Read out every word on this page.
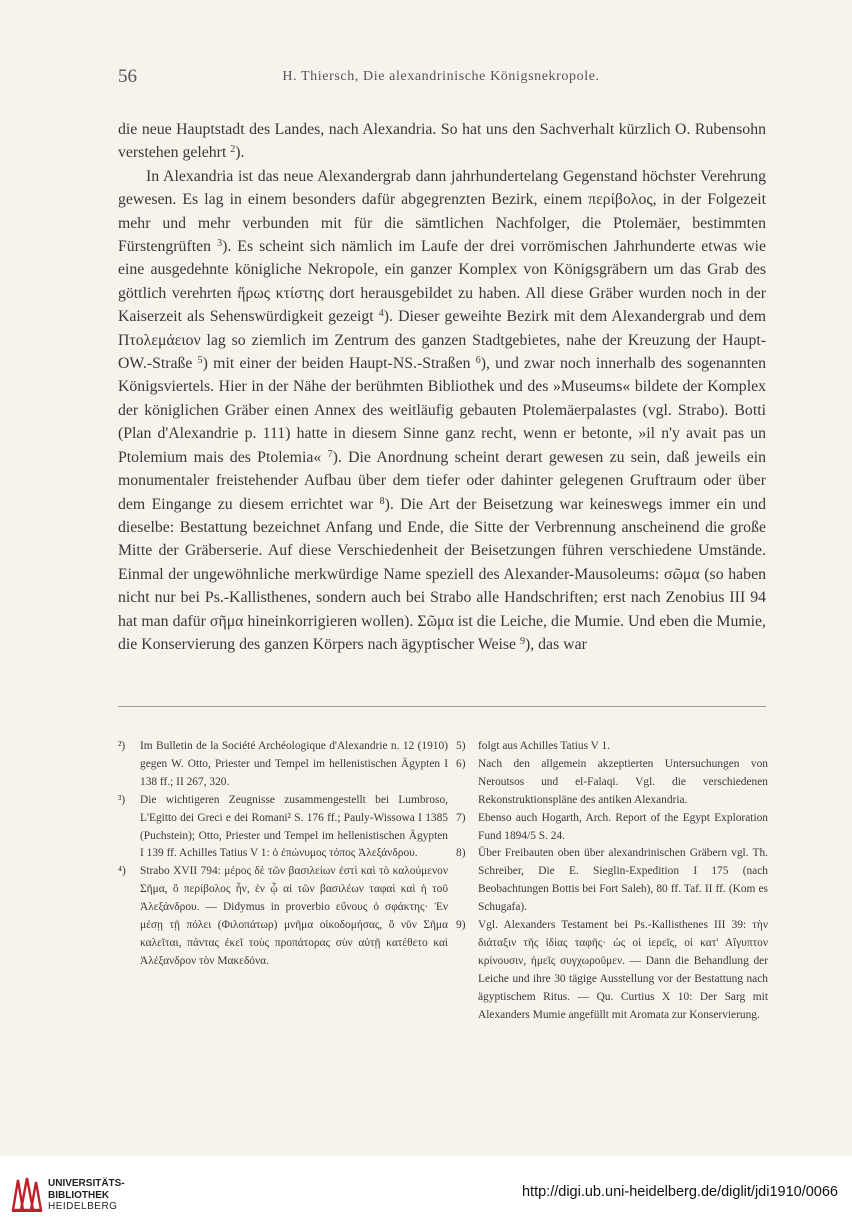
56	H. Thiersch, Die alexandrinische Königsnekropole.

die neue Hauptstadt des Landes, nach Alexandria. So hat uns den Sachverhalt kürzlich O. Rubensohn verstehen gelehrt $^2$).

In Alexandria ist das neue Alexandergrab dann jahrhundertelang Gegenstand höchster Verehrung gewesen. Es lag in einem besonders dafür abgegrenzten Bezirk, einem περίβολος, in der Folgezeit mehr und mehr verbunden mit für die sämtlichen Nachfolger, die Ptolemäer, bestimmten Fürstengrüften $^3$). Es scheint sich nämlich im Laufe der drei vorrömischen Jahrhunderte etwas wie eine ausgedehnte königliche Nekropole, ein ganzer Komplex von Königsgräbern um das Grab des göttlich verehrten ἥρως κτίστης dort herausgebildet zu haben. All diese Gräber wurden noch in der Kaiserzeit als Sehenswürdigkeit gezeigt $^4$). Dieser geweihte Bezirk mit dem Alexandergrab und dem Πτολεμάειον lag so ziemlich im Zentrum des ganzen Stadtgebietes, nahe der Kreuzung der Haupt-OW.-Straße $^5$) mit einer der beiden Haupt-NS.-Straßen $^6$), und zwar noch innerhalb des sogenannten Königsviertels. Hier in der Nähe der berühmten Bibliothek und des »Museums« bildete der Komplex der königlichen Gräber einen Annex des weitläufig gebauten Ptolemäerpalastes (vgl. Strabo). Botti (Plan d'Alexandrie p. 111) hatte in diesem Sinne ganz recht, wenn er betonte, »il n'y avait pas un Ptolemium mais des Ptolemia« $^7$). Die Anordnung scheint derart gewesen zu sein, daß jeweils ein monumentaler freistehender Aufbau über dem tiefer oder dahinter gelegenen Gruftraum oder über dem Eingange zu diesem errichtet war $^8$). Die Art der Beisetzung war keineswegs immer ein und dieselbe: Bestattung bezeichnet Anfang und Ende, die Sitte der Verbrennung anscheinend die große Mitte der Gräberserie. Auf diese Verschiedenheit der Beisetzungen führen verschiedene Umstände. Einmal der ungewöhnliche merkwürdige Name speziell des Alexander-Mausoleums: σῶμα (so haben nicht nur bei Ps.-Kallisthenes, sondern auch bei Strabo alle Handschriften; erst nach Zenobius III 94 hat man dafür σῆμα hineinkorrigieren wollen). Σῶμα ist die Leiche, die Mumie. Und eben die Mumie, die Konservierung des ganzen Körpers nach ägyptischer Weise $^9$), das war

²) Im Bulletin de la Société Archéologique d'Alexandrie n. 12 (1910) gegen W. Otto, Priester und Tempel im hellenistischen Ägypten I 138 ff.; II 267, 320.
³) Die wichtigeren Zeugnisse zusammengestellt bei Lumbroso, L'Egitto dei Greci e dei Romani² S. 176 ff.; Pauly-Wissowa I 1385 (Puchstein); Otto, Priester und Tempel im hellenistischen Ägypten I 139 ff. Achilles Tatius V 1: ὁ ἐπώνυμος τόπος Ἀλεξάνδρου.
⁴) Strabo XVII 794: μέρος δὲ τῶν βασιλείων ἐστὶ καὶ τὸ καλούμενον Σῆμα, ὃ περίβολος ἦν, ἐν ᾧ αἱ τῶν βασιλέων ταφαὶ καὶ ἡ τοῦ Ἀλεξάνδρου. — Didymus in proverbio εὔνους ὁ σφάκτης· Ἐν μέσῃ τῇ πόλει (Φιλοπάτωρ) μνῆμα οἰκοδομήσας, ὃ νῦν Σῆμα καλεῖται, πάντας ἐκεῖ τοὺς προπάτορας σὺν αὐτῇ κατέθετο καὶ Ἀλέξανδρον τὸν Μακεδόνα.
5) folgt aus Achilles Tatius V 1.
6) Nach den allgemein akzeptierten Untersuchungen von Neroutsos und el-Falaqi. Vgl. die verschiedenen Rekonstruktionspläne des antiken Alexandria.
7) Ebenso auch Hogarth, Arch. Report of the Egypt Exploration Fund 1894/5 S. 24.
8) Über Freibauten oben über alexandrinischen Gräbern vgl. Th. Schreiber, Die E. Sieglin-Expedition I 175 (nach Beobachtungen Bottis bei Fort Saleh), 80 ff. Taf. II ff. (Kom es Schugafa).
9) Vgl. Alexanders Testament bei Ps.-Kallisthenes III 39: τὴν διάταξιν τῆς ἰδίας ταφῆς· ὡς οἱ ἱερεῖς, οἱ κατ' Αἴγυπτον κρίνουσιν, ἡμεῖς συγχωροῦμεν. — Dann die Behandlung der Leiche und ihre 30 tägige Ausstellung vor der Bestattung nach ägyptischem Ritus. — Qu. Curtius X 10: Der Sarg mit Alexanders Mumie angefüllt mit Aromata zur Konservierung.
UNIVERSITÄTS-
BIBLIOTHEK
HEIDELBERG
http://digi.ub.uni-heidelberg.de/diglit/jdi1910/0066
